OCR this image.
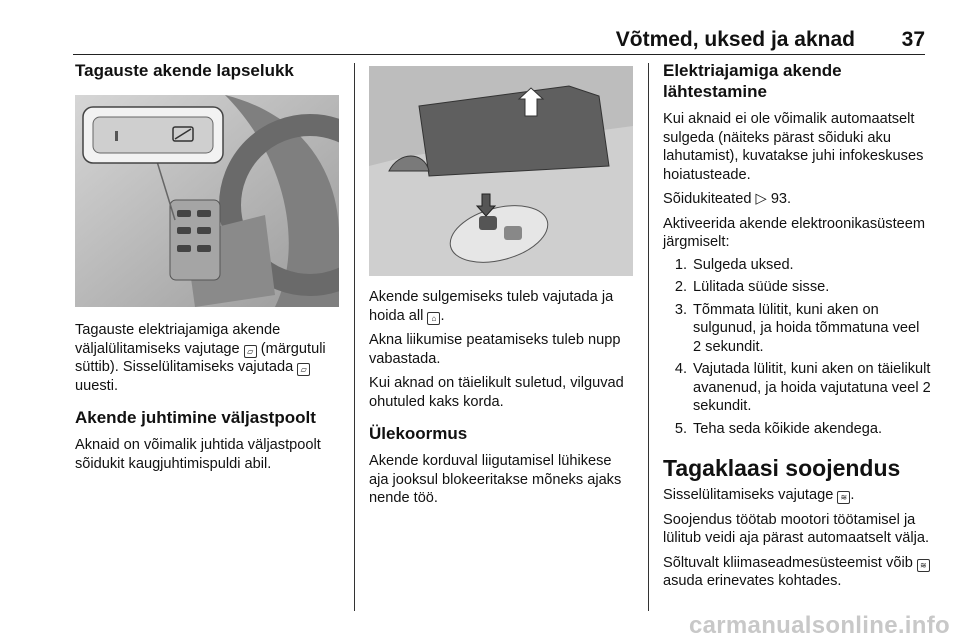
Võtmed, uksed ja aknad 37
Tagauste akende lapselukk

Tagauste elektriajamiga akende väljalülitamiseks vajutage ▱ (märgutuli süttib). Sisselülitamiseks vajutada ▱ uuesti.

Akende juhtimine väljastpoolt

Aknaid on võimalik juhtida väljastpoolt sõidukit kaugjuhtimispuldi abil.

Akende sulgemiseks tuleb vajutada ja hoida all ⌂ .

Akna liikumise peatamiseks tuleb nupp vabastada.

Kui aknad on täielikult suletud, vilguvad ohutuled kaks korda.

Ülekoormus

Akende korduval liigutamisel lühikese aja jooksul blokeeritakse mõneks ajaks nende töö.

Elektriajamiga akende lähtestamine

Kui aknaid ei ole võimalik automaatselt sulgeda (näiteks pärast sõiduki aku lahutamist), kuvatakse juhi infokeskuses hoiatusteade.

Sõidukiteated ▷ 93.

Aktiveerida akende elektroonikasüsteem järgmiselt:

1. Sulgeda uksed.
2. Lülitada süüde sisse.
3. Tõmmata lülitit, kuni aken on sulgunud, ja hoida tõmmatuna veel 2 sekundit.
4. Vajutada lülitit, kuni aken on täielikult avanenud, ja hoida vajutatuna veel 2 sekundit.
5. Teha seda kõikide akendega.
Tagaklaasi soojendus

Sisselülitamiseks vajutage ≋ .

Soojendus töötab mootori töötamisel ja lülitub veidi aja pärast automaatselt välja.

Sõltuvalt kliimaseadmesüsteemist võib ≋ asuda erinevates kohtades.

carmanualsonline.info
